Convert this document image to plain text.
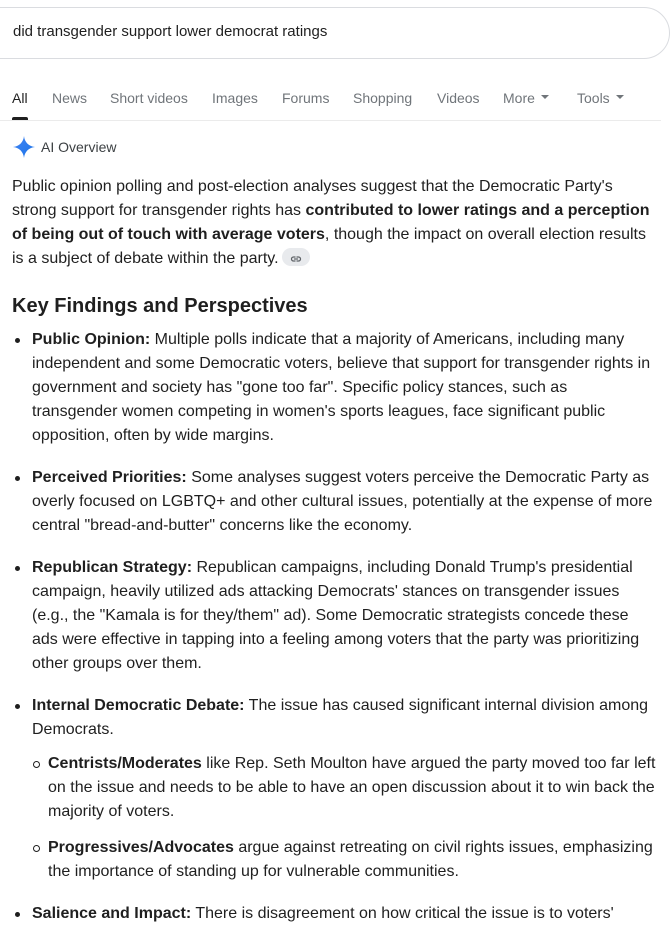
did transgender support lower democrat ratings
All News Short videos Images Forums Shopping Videos More	Tools
AI Overview

Public opinion polling and post-election analyses suggest that the Democratic Party's strong support for transgender rights has contributed to lower ratings and a perception of being out of touch with average voters, though the impact on overall election results is a subject of debate within the party.

Key Findings and Perspectives
Public Opinion: Multiple polls indicate that a majority of Americans, including many independent and some Democratic voters, believe that support for transgender rights in government and society has "gone too far". Specific policy stances, such as transgender women competing in women's sports leagues, face significant public opposition, often by wide margins.
Perceived Priorities: Some analyses suggest voters perceive the Democratic Party as overly focused on LGBTQ+ and other cultural issues, potentially at the expense of more central "bread-and-butter" concerns like the economy.
Republican Strategy: Republican campaigns, including Donald Trump's presidential campaign, heavily utilized ads attacking Democrats' stances on transgender issues (e.g., the "Kamala is for they/them" ad). Some Democratic strategists concede these ads were effective in tapping into a feeling among voters that the party was prioritizing other groups over them.
Internal Democratic Debate: The issue has caused significant internal division among Democrats.
Centrists/Moderates like Rep. Seth Moulton have argued the party moved too far left on the issue and needs to be able to have an open discussion about it to win back the majority of voters.
Progressives/Advocates argue against retreating on civil rights issues, emphasizing the importance of standing up for vulnerable communities.
Salience and Impact: There is disagreement on how critical the issue is to voters'
